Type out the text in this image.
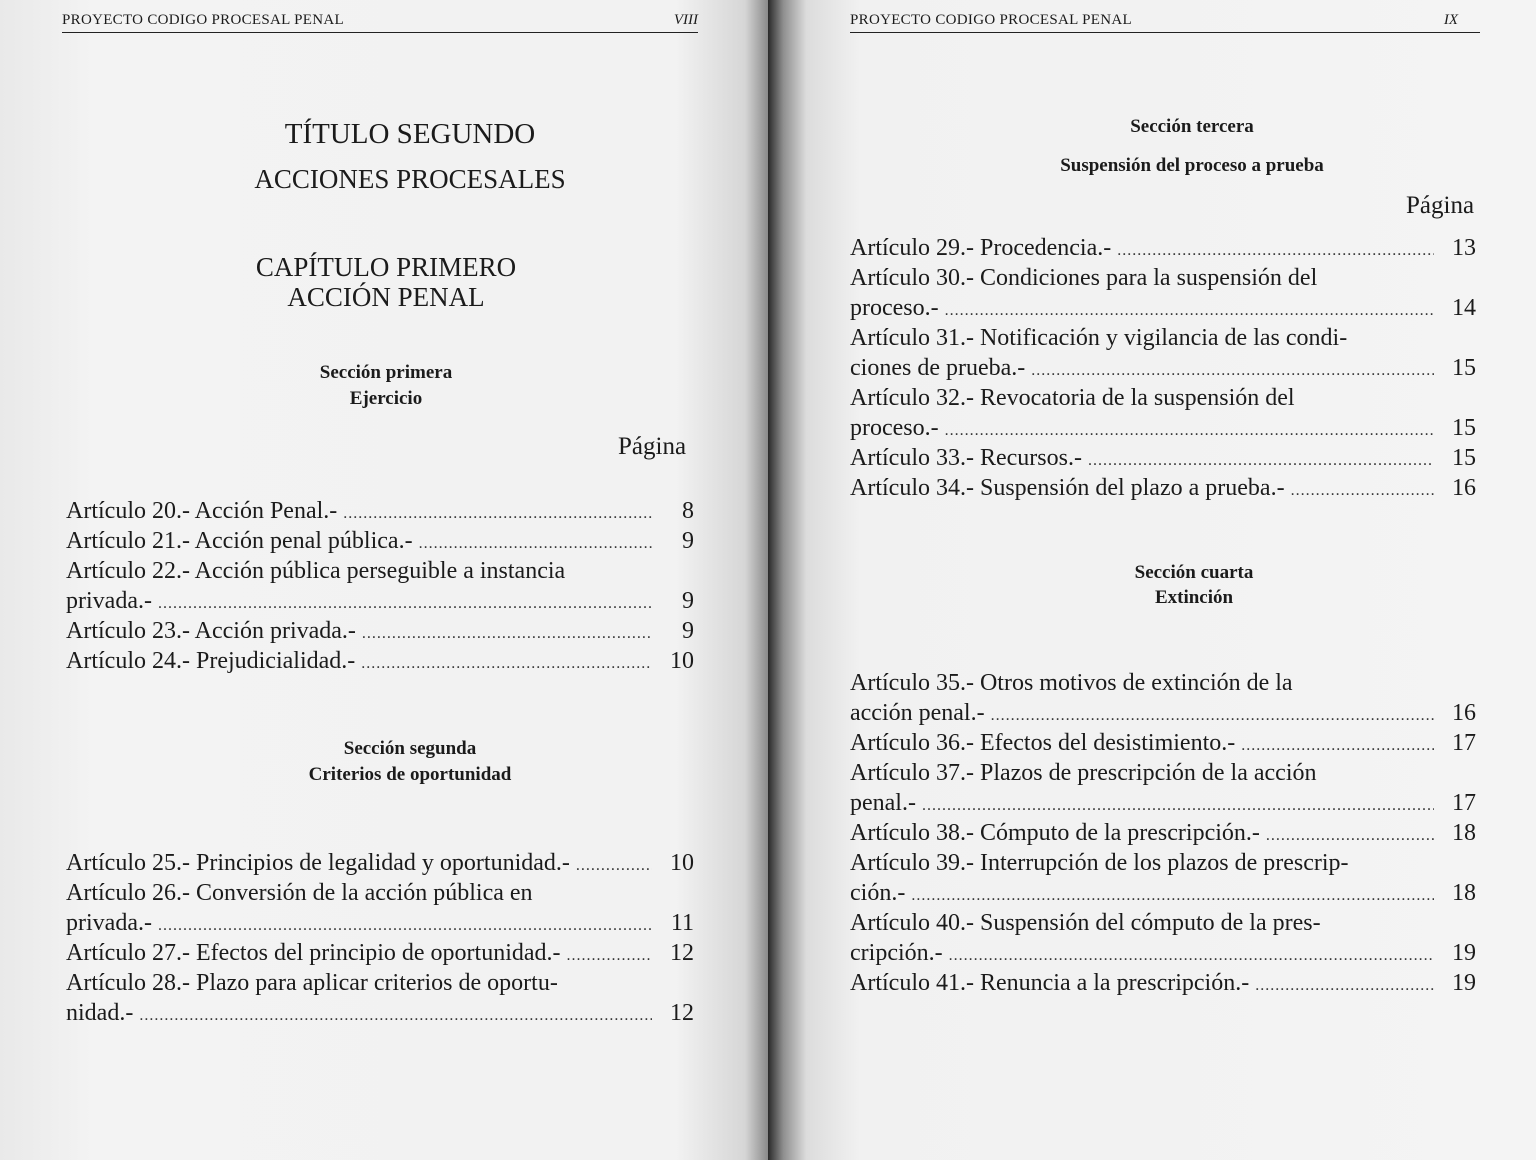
PROYECTO CODIGO PROCESAL PENAL	VIII
TÍTULO SEGUNDO
ACCIONES PROCESALES
CAPÍTULO PRIMERO
ACCIÓN PENAL
Sección primera
Ejercicio
Página
Artículo 20.- Acción Penal.- .....	8
Artículo 21.- Acción penal pública.- .....	9
Artículo 22.- Acción pública perseguible a instancia
privada.- .....	9
Artículo 23.- Acción privada.- .....	9
Artículo 24.- Prejudicialidad.- .....	10
Sección segunda
Criterios de oportunidad
Artículo 25.- Principios de legalidad y oportunidad.- .....	10
Artículo 26.- Conversión de la acción pública en
privada.- .....	11
Artículo 27.- Efectos del principio de oportunidad.- .....	12
Artículo 28.- Plazo para aplicar criterios de oportu-
nidad.- .....	12
PROYECTO CODIGO PROCESAL PENAL	IX
Sección tercera
Suspensión del proceso a prueba
Página
Artículo 29.- Procedencia.- .....	13
Artículo 30.- Condiciones para la suspensión del
proceso.- .....	14
Artículo 31.- Notificación y vigilancia de las condi-
ciones de prueba.- .....	15
Artículo 32.- Revocatoria de la suspensión del
proceso.- .....	15
Artículo 33.- Recursos.- .....	15
Artículo 34.- Suspensión del plazo a prueba.- .....	16
Sección cuarta
Extinción
Artículo 35.- Otros motivos de extinción de la
acción penal.- .....	16
Artículo 36.- Efectos del desistimiento.- .....	17
Artículo 37.- Plazos de prescripción de la acción
penal.- .....	17
Artículo 38.- Cómputo de la prescripción.- .....	18
Artículo 39.- Interrupción de los plazos de prescrip-
ción.- .....	18
Artículo 40.- Suspensión del cómputo de la pres-
cripción.- .....	19
Artículo 41.- Renuncia a la prescripción.- .....	19
